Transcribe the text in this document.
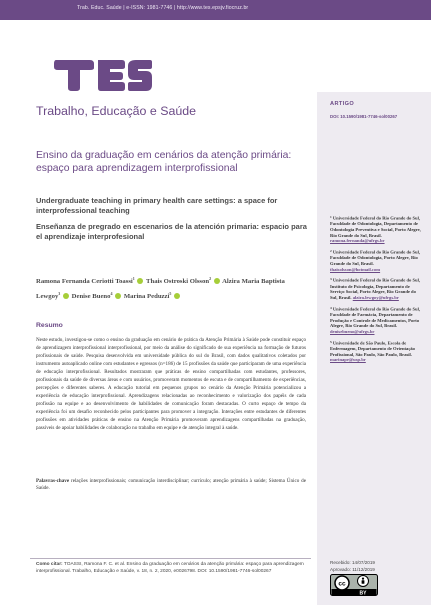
Trab. Educ. Saúde | e-ISSN: 1981-7746 | http://www.tes.epsjv.fiocruz.br
Trabalho, Educação e Saúde	ARTIGO
DOI: 10.1590/1981-7746-sol00267
Ensino da graduação em cenários da atenção primária: espaço para aprendizagem interprofissional
Undergraduate teaching in primary health care settings: a space for interprofessional teaching
Enseñanza de pregrado en escenarios de la atención primaria: espacio para el aprendizaje interprofesional
Ramona Fernanda Ceriotti Toassi$^1$ Thais Ostroski Olsson$^2$ Alzira Maria Baptista Lewgoy$^3$ Denise Bueno$^4$ Marina Peduzzi$^5$
Resumo
Neste estudo, investigou-se como o ensino da graduação em cenário de prática da Atenção Primária à Saúde pode constituir espaço de aprendizagem interprofissional interprofissional, por meio da análise do significado de sua experiência na formação de futuros profissionais de saúde. Pesquisa desenvolvida em universidade pública do sul do Brasil, com dados qualitativos coletados por instrumento autoaplicado online com estudantes e egressos (n=186) de 15 profissões da saúde que participaram de uma experiência de educação interprofissional. Resultados mostraram que práticas de ensino compartilhadas com estudantes, professores, profissionais da saúde de diversas áreas e com usuários, promoveram momentos de escuta e de compartilhamento de experiências, percepções e diferentes saberes. A educação tutorial em pequenos grupos no cenário da Atenção Primária potencializou a experiência de educação interprofissional. Aprendizagens relacionadas ao reconhecimento e valorização dos papéis de cada profissão na equipe e ao desenvolvimento de habilidades de comunicação foram destacadas. O curto espaço de tempo da experiência foi um desafio reconhecido pelos participantes para promover a integração. Interações entre estudantes de diferentes profissões em atividades práticas de ensino na Atenção Primária promoveram aprendizagens compartilhadas na graduação, passíveis de apoiar habilidades de colaboração no trabalho em equipe e de atenção integral à saúde.
Palavras-chave relações interprofissionais; comunicação interdisciplinar; currículo; atenção primária à saúde; Sistema Único de Saúde.
$^1$ Universidade Federal do Rio Grande do Sul, Faculdade de Odontologia, Departamento de Odontologia Preventiva e Social, Porto Alegre, Rio Grande do Sul, Brasil. ramona.fernanda@ufrgs.br
$^2$ Universidade Federal do Rio Grande do Sul, Faculdade de Odontologia, Porto Alegre, Rio Grande do Sul, Brasil. thaisolsson@hotmail.com
$^3$ Universidade Federal do Rio Grande do Sul, Instituto de Psicologia, Departamento de Serviço Social, Porto Alegre, Rio Grande do Sul, Brasil. alzira.lewgoy@ufrgs.br
$^4$ Universidade Federal do Rio Grande do Sul, Faculdade de Farmácia, Departamento de Produção e Controle de Medicamentos, Porto Alegre, Rio Grande do Sul, Brasil. denisebueno@ufrgs.br
$^5$ Universidade de São Paulo, Escola de Enfermagem, Departamento de Orientação Profissional, São Paulo, São Paulo, Brasil. marinape@usp.br
Como citar: TOASSI, Ramona F. C. et al. Ensino da graduação em cenários da atenção primária: espaço para aprendizagem interprofissional. Trabalho, Educação e Saúde, v. 18, n. 2, 2020, e0026798. DOI: 10.1590/1981-7746-sol00267
Recebido: 14/07/2019
Aprovado: 11/12/2019
cc
BY
